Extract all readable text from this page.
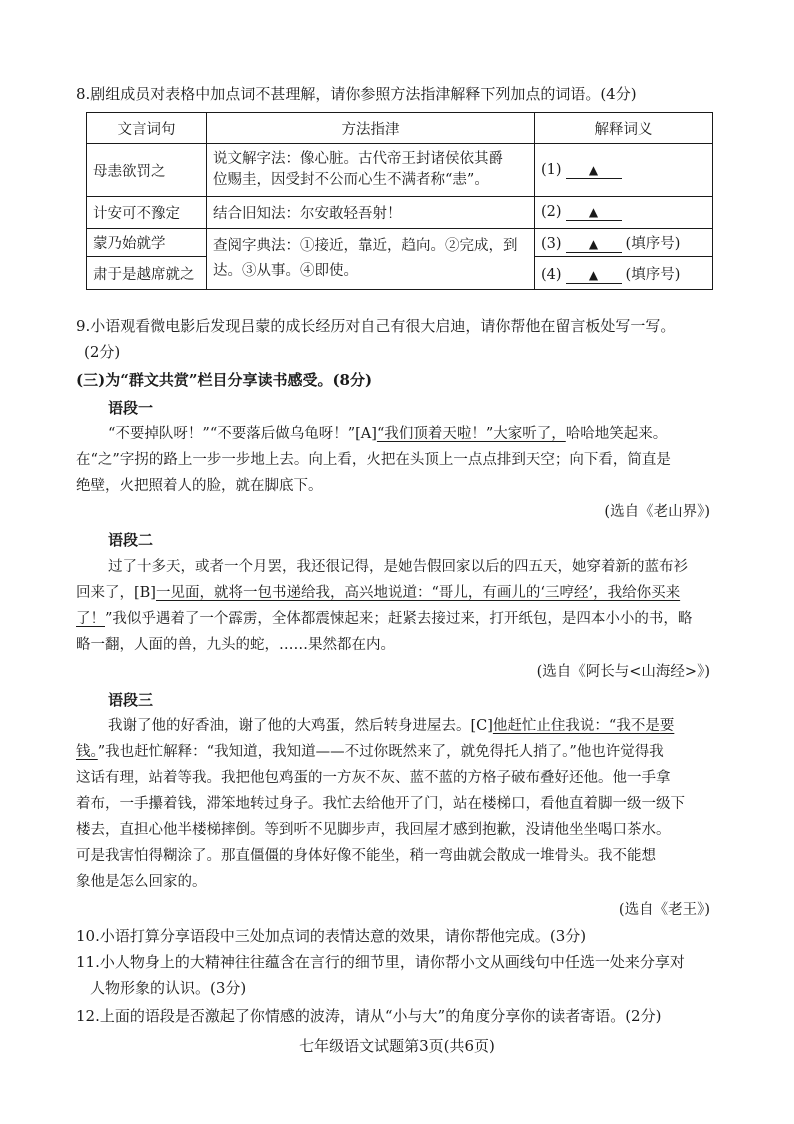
8.剧组成员对表格中加点词不甚理解，请你参照方法指津解释下列加点的词语。(4分)
文言词句	方法指津	解释词义
母恚欲罚之	说文解字法：像心脏。古代帝王封诸侯依其爵
位赐圭，因受封不公而心生不满者称“恚”。	(1) ▲
计安可不豫定	结合旧知法：尔安敢轻吾射！	(2) ▲
蒙乃始就学	查阅字典法：①接近，靠近，趋向。②完成，到
达。③从事。④即使。	(3) ▲ (填序号)
肃于是越席就之		(4) ▲ (填序号)
9.小语观看微电影后发现吕蒙的成长经历对自己有很大启迪，请你帮他在留言板处写一写。
(2分)
(三)为“群文共赏”栏目分享读书感受。(8分)
语段一
“不要掉队呀！”“不要落后做乌龟呀！”[A]“我们顶着天啦！”大家听了，哈哈地笑起来。
在“之”字拐的路上一步一步地上去。向上看，火把在头顶上一点点排到天空；向下看，简直是
绝壁，火把照着人的脸，就在脚底下。
(选自《老山界》)
语段二
过了十多天，或者一个月罢，我还很记得，是她告假回家以后的四五天，她穿着新的蓝布衫
回来了，[B]一见面，就将一包书递给我，高兴地说道：“哥儿，有画儿的‘三哼经’，我给你买来
了！”我似乎遇着了一个霹雳，全体都震悚起来；赶紧去接过来，打开纸包，是四本小小的书，略
略一翻，人面的兽，九头的蛇，……果然都在内。
(选自《阿长与<山海经>》)
语段三
我谢了他的好香油，谢了他的大鸡蛋，然后转身进屋去。[C]他赶忙止住我说：“我不是要
钱。”我也赶忙解释：“我知道，我知道——不过你既然来了，就免得托人捎了。”他也许觉得我
这话有理，站着等我。我把他包鸡蛋的一方灰不灰、蓝不蓝的方格子破布叠好还他。他一手拿
着布，一手攥着钱，滞笨地转过身子。我忙去给他开了门，站在楼梯口，看他直着脚一级一级下
楼去，直担心他半楼梯摔倒。等到听不见脚步声，我回屋才感到抱歉，没请他坐坐喝口茶水。
可是我害怕得糊涂了。那直僵僵的身体好像不能坐，稍一弯曲就会散成一堆骨头。我不能想
象他是怎么回家的。
(选自《老王》)
10.小语打算分享语段中三处加点词的表情达意的效果，请你帮他完成。(3分)
11.小人物身上的大精神往往蕴含在言行的细节里，请你帮小文从画线句中任选一处来分享对
人物形象的认识。(3分)
12.上面的语段是否激起了你情感的波涛，请从“小与大”的角度分享你的读者寄语。(2分)
七年级语文试题第3页(共6页)
